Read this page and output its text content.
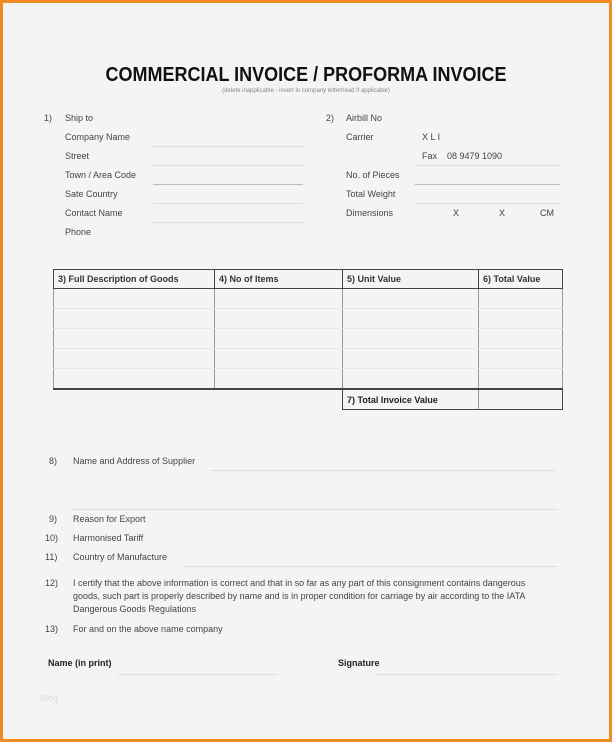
COMMERCIAL INVOICE / PROFORMA INVOICE
(delete inapplicable - insert in company letterhead if applicable)
1) Ship to
Company Name
Street
Town / Area Code
Sate Country
Contact Name
Phone
2) Airbill No
Carrier	X L I
Fax 08 9479 1090
No. of Pieces
Total Weight
Dimensions	X	X	CM
3) Full Description of Goods	4) No of Items	5) Unit Value	6) Total Value

		7) Total Invoice Value	
8) Name and Address of Supplier
9) Reason for Export
10) Harmonised Tariff
11) Country of Manufacture
12) I certify that the above information is correct and that in so far as any part of this consignment contains dangerous
goods, such part is properly described by name and is in proper condition for carriage by air according to the IATA
Dangerous Goods Regulations
13) For and on the above name company
Name (in print)	Signature
Blog
